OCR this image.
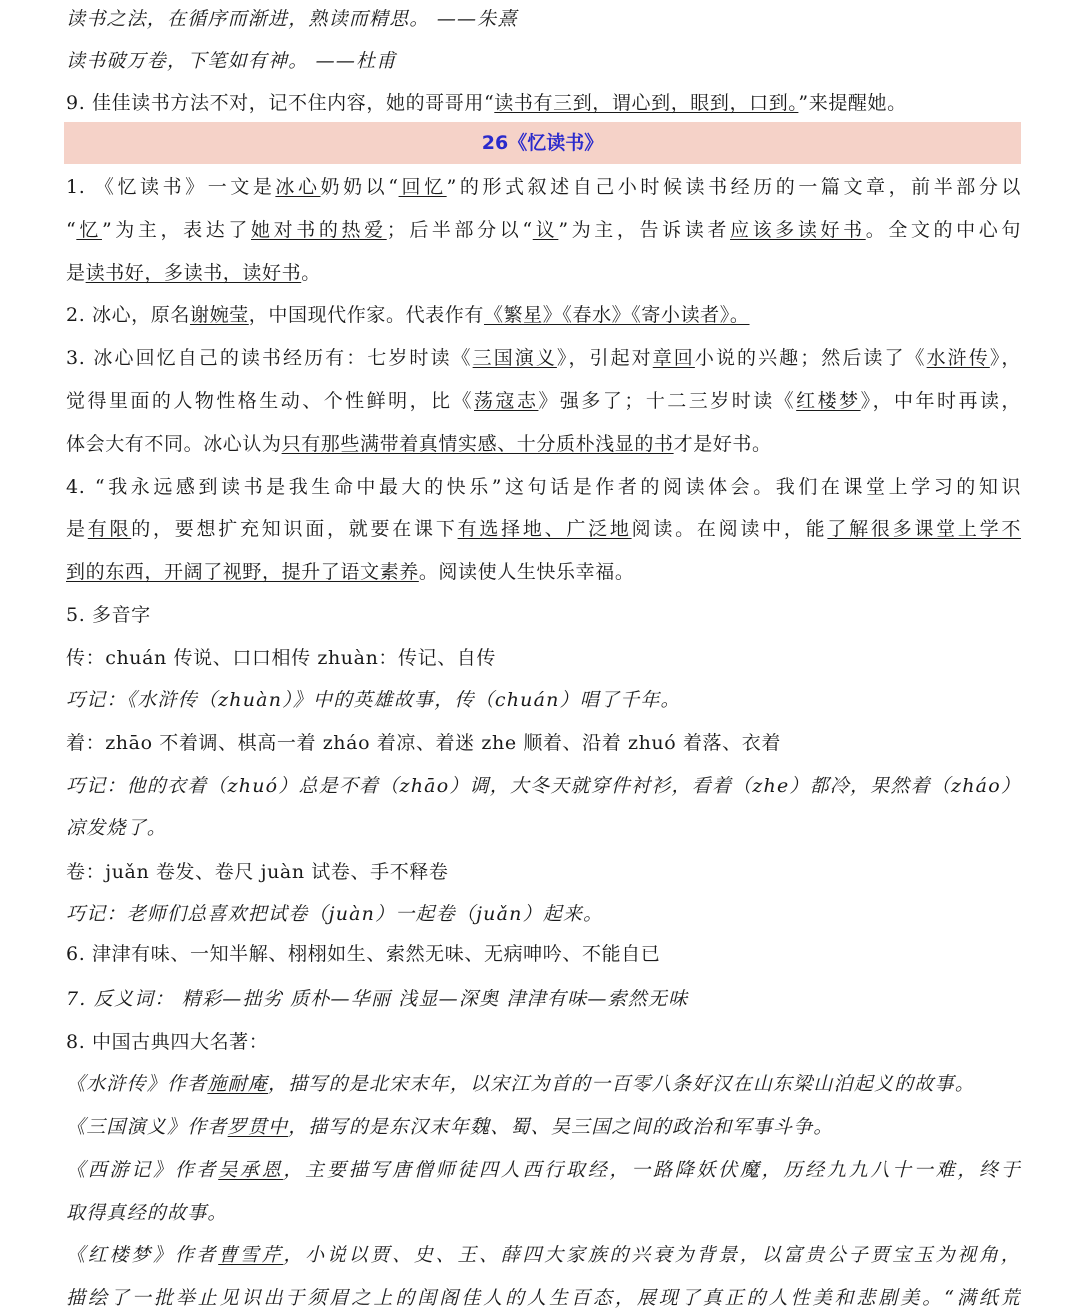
26《忆读书》
读书之法，在循序而渐进，熟读而精思。 ——朱熹
读书破万卷，下笔如有神。 ——杜甫
9. 佳佳读书方法不对，记不住内容，她的哥哥用“读书有三到，谓心到，眼到，口到。”来提醒她。
1. 《忆读书》一文是冰心奶奶以“回忆”的形式叙述自己小时候读书经历的一篇文章，前半部分以
“忆”为主，表达了她对书的热爱；后半部分以“议”为主，告诉读者应该多读好书。全文的中心句
是读书好，多读书，读好书。
2. 冰心，原名谢婉莹，中国现代作家。代表作有《繁星》《春水》《寄小读者》。
3. 冰心回忆自己的读书经历有：七岁时读《三国演义》，引起对章回小说的兴趣；然后读了《水浒传》，
觉得里面的人物性格生动、个性鲜明，比《荡寇志》强多了；十二三岁时读《红楼梦》，中年时再读，
体会大有不同。冰心认为只有那些满带着真情实感、十分质朴浅显的书才是好书。
4. “我永远感到读书是我生命中最大的快乐”这句话是作者的阅读体会。我们在课堂上学习的知识
是有限的，要想扩充知识面，就要在课下有选择地、广泛地阅读。在阅读中，能了解很多课堂上学不
到的东西，开阔了视野，提升了语文素养。阅读使人生快乐幸福。
5. 多音字
传：chuán 传说、口口相传 zhuàn：传记、自传
巧记：《水浒传（zhuàn）》中的英雄故事，传（chuán）唱了千年。
着：zhāo 不着调、棋高一着 zháo 着凉、着迷 zhe 顺着、沿着 zhuó 着落、衣着
巧记：他的衣着（zhuó）总是不着（zhāo）调，大冬天就穿件衬衫，看着（zhe）都冷，果然着（zháo）
凉发烧了。
卷：juǎn 卷发、卷尺 juàn 试卷、手不释卷
巧记：老师们总喜欢把试卷（juàn）一起卷（juǎn）起来。
6. 津津有味、一知半解、栩栩如生、索然无味、无病呻吟、不能自已
7. 反义词： 精彩—拙劣 质朴—华丽 浅显—深奥 津津有味—索然无味
8. 中国古典四大名著：
《水浒传》作者施耐庵，描写的是北宋末年，以宋江为首的一百零八条好汉在山东梁山泊起义的故事。
《三国演义》作者罗贯中，描写的是东汉末年魏、蜀、吴三国之间的政治和军事斗争。
《西游记》作者吴承恩，主要描写唐僧师徒四人西行取经，一路降妖伏魔，历经九九八十一难，终于
取得真经的故事。
《红楼梦》作者曹雪芹，小说以贾、史、王、薛四大家族的兴衰为背景，以富贵公子贾宝玉为视角，
描绘了一批举止见识出于须眉之上的闺阁佳人的人生百态，展现了真正的人性美和悲剧美。“满纸荒
